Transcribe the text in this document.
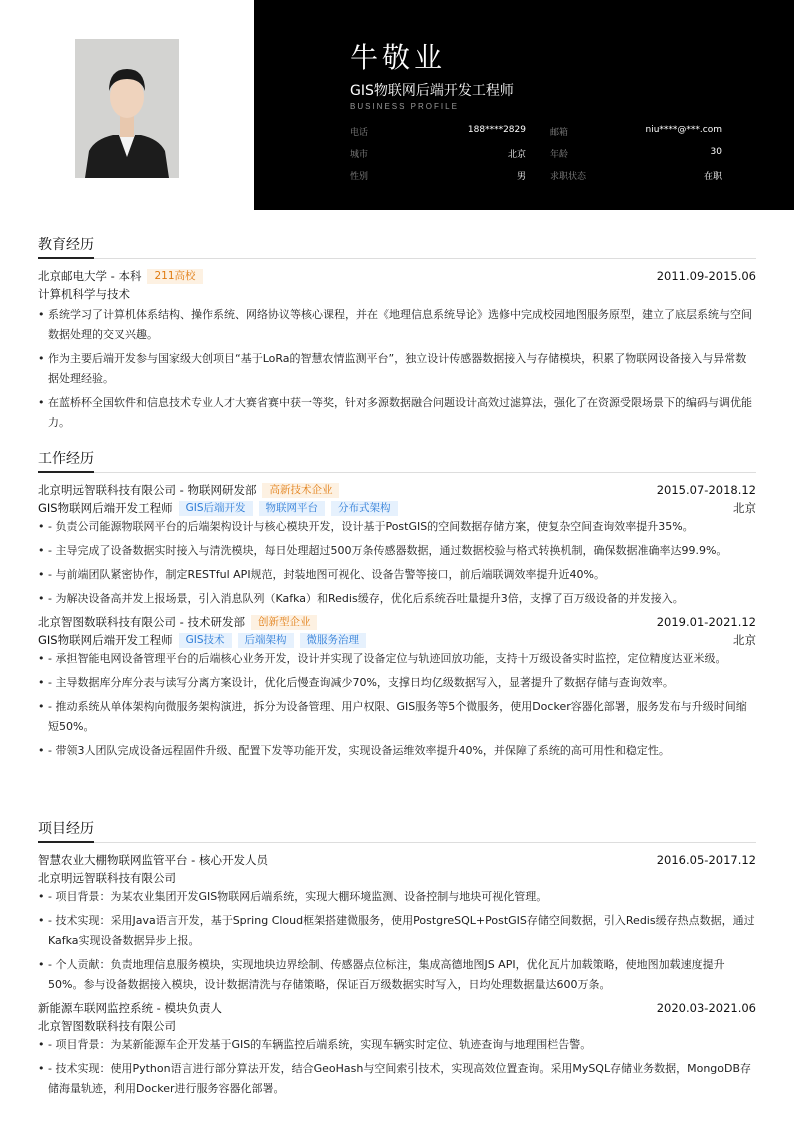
牛敬业
GIS物联网后端开发工程师
BUSINESS PROFILE
电话	188****2829	邮箱	niu****@***.com
城市	北京	年龄	30
性别	男	求职状态	在职
教育经历
北京邮电大学 - 本科	211高校	2011.09-2015.06
计算机科学与技术
• 系统学习了计算机体系结构、操作系统、网络协议等核心课程，并在《地理信息系统导论》选修中完成校园地图服务原型，建立了底层系统与空间数据处理的交叉兴趣。
• 作为主要后端开发参与国家级大创项目“基于LoRa的智慧农情监测平台”，独立设计传感器数据接入与存储模块，积累了物联网设备接入与异常数据处理经验。
• 在蓝桥杯全国软件和信息技术专业人才大赛省赛中获一等奖，针对多源数据融合问题设计高效过滤算法，强化了在资源受限场景下的编码与调优能力。
工作经历
北京明远智联科技有限公司 - 物联网研发部	高新技术企业	2015.07-2018.12
GIS物联网后端开发工程师	GIS后端开发	物联网平台	分布式架构	北京
• - 负责公司能源物联网平台的后端架构设计与核心模块开发，设计基于PostGIS的空间数据存储方案，使复杂空间查询效率提升35%。
• - 主导完成了设备数据实时接入与清洗模块，每日处理超过500万条传感器数据，通过数据校验与格式转换机制，确保数据准确率达99.9%。
• - 与前端团队紧密协作，制定RESTful API规范，封装地图可视化、设备告警等接口，前后端联调效率提升近40%。
• - 为解决设备高并发上报场景，引入消息队列（Kafka）和Redis缓存，优化后系统吞吐量提升3倍，支撑了百万级设备的并发接入。
北京智图数联科技有限公司 - 技术研发部	创新型企业	2019.01-2021.12
GIS物联网后端开发工程师	GIS技术	后端架构	微服务治理	北京
• - 承担智能电网设备管理平台的后端核心业务开发，设计并实现了设备定位与轨迹回放功能，支持十万级设备实时监控，定位精度达亚米级。
• - 主导数据库分库分表与读写分离方案设计，优化后慢查询减少70%，支撑日均亿级数据写入，显著提升了数据存储与查询效率。
• - 推动系统从单体架构向微服务架构演进，拆分为设备管理、用户权限、GIS服务等5个微服务，使用Docker容器化部署，服务发布与升级时间缩短50%。
• - 带领3人团队完成设备远程固件升级、配置下发等功能开发，实现设备运维效率提升40%，并保障了系统的高可用性和稳定性。
项目经历
智慧农业大棚物联网监管平台 - 核心开发人员	2016.05-2017.12
北京明远智联科技有限公司
• - 项目背景：为某农业集团开发GIS物联网后端系统，实现大棚环境监测、设备控制与地块可视化管理。
• - 技术实现：采用Java语言开发，基于Spring Cloud框架搭建微服务，使用PostgreSQL+PostGIS存储空间数据，引入Redis缓存热点数据，通过Kafka实现设备数据异步上报。
• - 个人贡献：负责地理信息服务模块，实现地块边界绘制、传感器点位标注，集成高德地图JS API，优化瓦片加载策略，使地图加载速度提升50%。参与设备数据接入模块，设计数据清洗与存储策略，保证百万级数据实时写入，日均处理数据量达600万条。
新能源车联网监控系统 - 模块负责人	2020.03-2021.06
北京智图数联科技有限公司
• - 项目背景：为某新能源车企开发基于GIS的车辆监控后端系统，实现车辆实时定位、轨迹查询与地理围栏告警。
• - 技术实现：使用Python语言进行部分算法开发，结合GeoHash与空间索引技术，实现高效位置查询。采用MySQL存储业务数据，MongoDB存储海量轨迹，利用Docker进行服务容器化部署。
